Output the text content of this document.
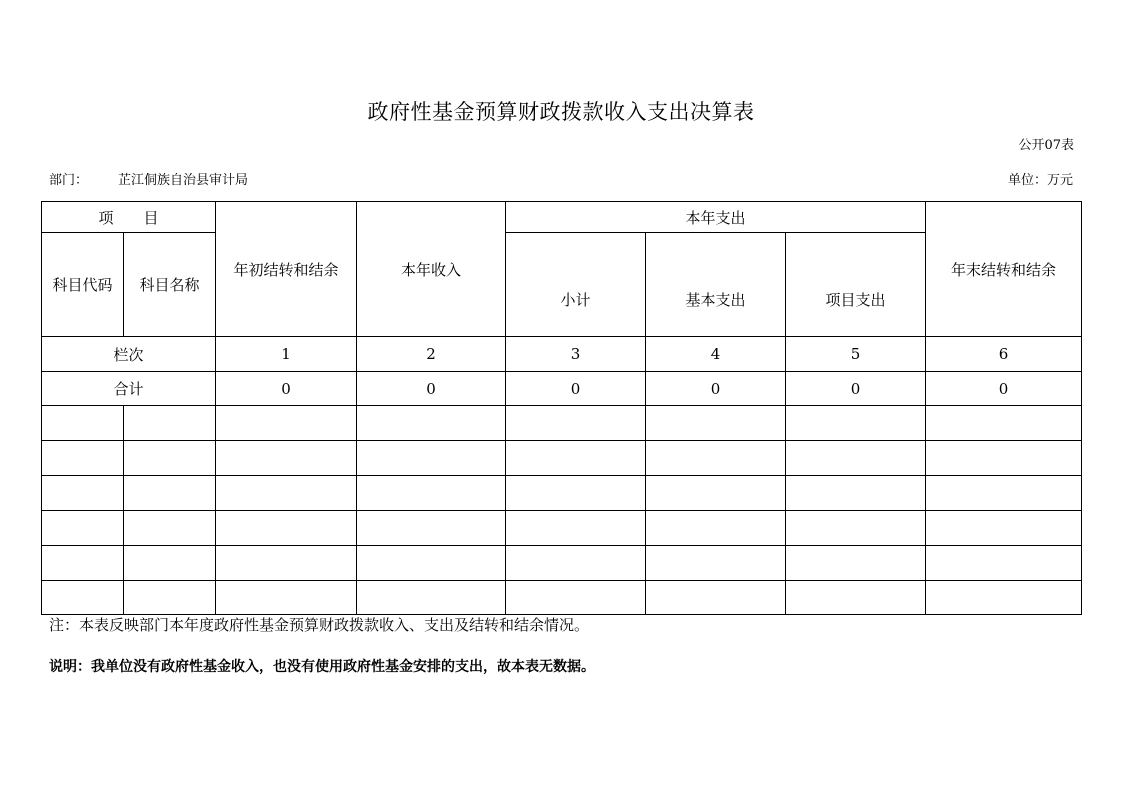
政府性基金预算财政拨款收入支出决算表
公开07表
部门： 芷江侗族自治县审计局	单位：万元
项　　目		年初结转和结余	本年收入	本年支出			年末结转和结余
科目代码	科目名称			小计	基本支出	项目支出	
栏次		1	2	3	4	5	6
合计		0	0	0	0	0	0

注：本表反映部门本年度政府性基金预算财政拨款收入、支出及结转和结余情况。
说明：我单位没有政府性基金收入，也没有使用政府性基金安排的支出，故本表无数据。
